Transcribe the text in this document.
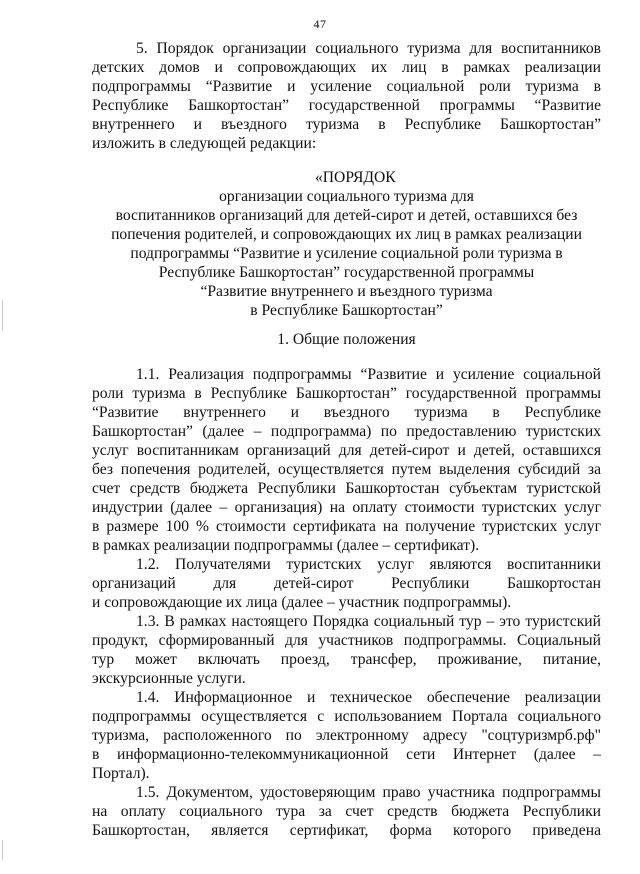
47
5. Порядок организации социального туризма для воспитанников
детских домов и сопровождающих их лиц в рамках реализации
подпрограммы “Развитие и усиление социальной роли туризма в
Республике Башкортостан” государственной программы “Развитие
внутреннего и въездного туризма в Республике Башкортостан”
изложить в следующей редакции:
«ПОРЯДОК
организации социального туризма для
воспитанников организаций для детей-сирот и детей, оставшихся без
попечения родителей, и сопровождающих их лиц в рамках реализации
подпрограммы “Развитие и усиление социальной роли туризма в
Республике Башкортостан” государственной программы
“Развитие внутреннего и въездного туризма
в Республике Башкортостан”
1. Общие положения
1.1. Реализация подпрограммы “Развитие и усиление социальной
роли туризма в Республике Башкортостан” государственной программы
“Развитие внутреннего и въездного туризма в Республике
Башкортостан” (далее – подпрограмма) по предоставлению туристских
услуг воспитанникам организаций для детей-сирот и детей, оставшихся
без попечения родителей, осуществляется путем выделения субсидий за
счет средств бюджета Республики Башкортостан субъектам туристской
индустрии (далее – организация) на оплату стоимости туристских услуг
в размере 100 % стоимости сертификата на получение туристских услуг
в рамках реализации подпрограммы (далее – сертификат).
1.2. Получателями туристских услуг являются воспитанники
организаций для детей-сирот Республики Башкортостан
и сопровождающие их лица (далее – участник подпрограммы).
1.3. В рамках настоящего Порядка социальный тур – это туристский
продукт, сформированный для участников подпрограммы. Социальный
тур может включать проезд, трансфер, проживание, питание,
экскурсионные услуги.
1.4. Информационное и техническое обеспечение реализации
подпрограммы осуществляется с использованием Портала социального
туризма, расположенного по электронному адресу "соцтуризмрб.рф"
в информационно-телекоммуникационной сети Интернет (далее –
Портал).
1.5. Документом, удостоверяющим право участника подпрограммы
на оплату социального тура за счет средств бюджета Республики
Башкортостан, является сертификат, форма которого приведена
